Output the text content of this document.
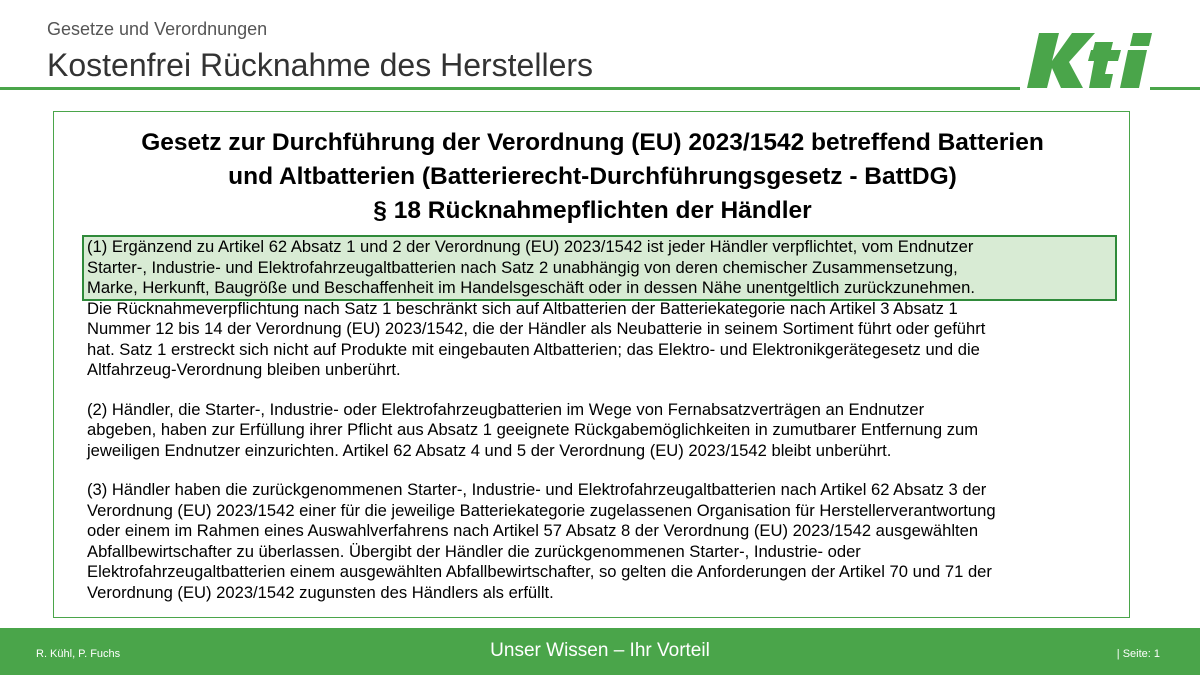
Gesetze und Verordnungen
Kostenfrei Rücknahme des Herstellers
Gesetz zur Durchführung der Verordnung (EU) 2023/1542 betreffend Batterien
und Altbatterien (Batterierecht-Durchführungsgesetz - BattDG)
§ 18 Rücknahmepflichten der Händler
(1) Ergänzend zu Artikel 62 Absatz 1 und 2 der Verordnung (EU) 2023/1542 ist jeder Händler verpflichtet, vom Endnutzer
Starter-, Industrie- und Elektrofahrzeugaltbatterien nach Satz 2 unabhängig von deren chemischer Zusammensetzung,
Marke, Herkunft, Baugröße und Beschaffenheit im Handelsgeschäft oder in dessen Nähe unentgeltlich zurückzunehmen.
Die Rücknahmeverpflichtung nach Satz 1 beschränkt sich auf Altbatterien der Batteriekategorie nach Artikel 3 Absatz 1
Nummer 12 bis 14 der Verordnung (EU) 2023/1542, die der Händler als Neubatterie in seinem Sortiment führt oder geführt
hat. Satz 1 erstreckt sich nicht auf Produkte mit eingebauten Altbatterien; das Elektro- und Elektronikgerätegesetz und die
Altfahrzeug-Verordnung bleiben unberührt.
(2) Händler, die Starter-, Industrie- oder Elektrofahrzeugbatterien im Wege von Fernabsatzverträgen an Endnutzer
abgeben, haben zur Erfüllung ihrer Pflicht aus Absatz 1 geeignete Rückgabemöglichkeiten in zumutbarer Entfernung zum
jeweiligen Endnutzer einzurichten. Artikel 62 Absatz 4 und 5 der Verordnung (EU) 2023/1542 bleibt unberührt.
(3) Händler haben die zurückgenommenen Starter-, Industrie- und Elektrofahrzeugaltbatterien nach Artikel 62 Absatz 3 der
Verordnung (EU) 2023/1542 einer für die jeweilige Batteriekategorie zugelassenen Organisation für Herstellerverantwortung
oder einem im Rahmen eines Auswahlverfahrens nach Artikel 57 Absatz 8 der Verordnung (EU) 2023/1542 ausgewählten
Abfallbewirtschafter zu überlassen. Übergibt der Händler die zurückgenommenen Starter-, Industrie- oder
Elektrofahrzeugaltbatterien einem ausgewählten Abfallbewirtschafter, so gelten die Anforderungen der Artikel 70 und 71 der
Verordnung (EU) 2023/1542 zugunsten des Händlers als erfüllt.
R. Kühl, P. Fuchs	Unser Wissen – Ihr Vorteil	| Seite: 1
